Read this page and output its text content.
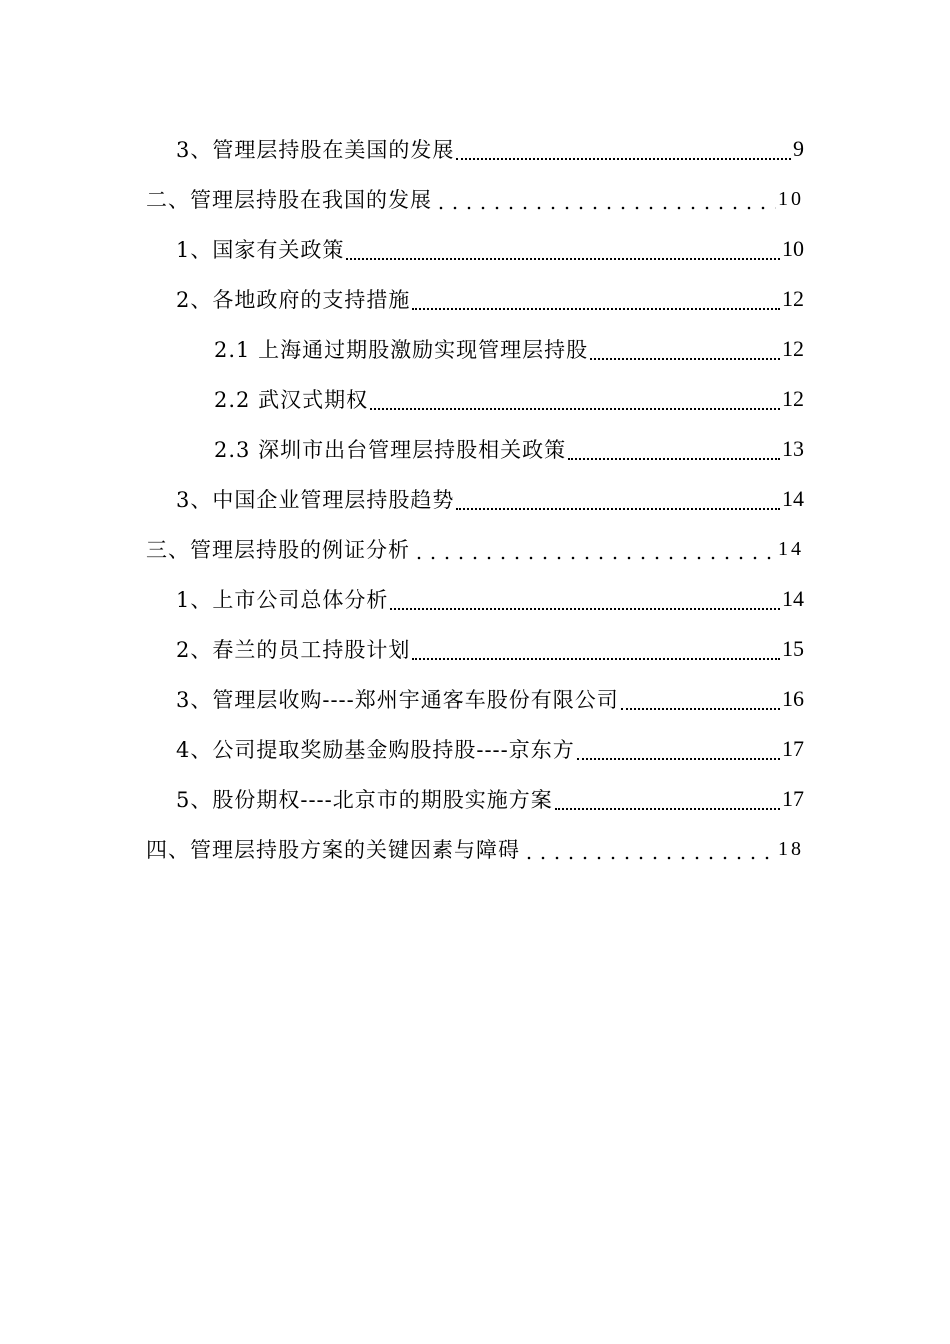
3、管理层持股在美国的发展	9
二、管理层持股在我国的发展	10
1、国家有关政策	10
2、各地政府的支持措施	12
2.1 上海通过期股激励实现管理层持股	12
2.2 武汉式期权	12
2.3 深圳市出台管理层持股相关政策	13
3、中国企业管理层持股趋势	14
三、管理层持股的例证分析	14
1、上市公司总体分析	14
2、春兰的员工持股计划	15
3、管理层收购----郑州宇通客车股份有限公司	16
4、公司提取奖励基金购股持股----京东方	17
5、股份期权----北京市的期股实施方案	17
四、管理层持股方案的关键因素与障碍	18
